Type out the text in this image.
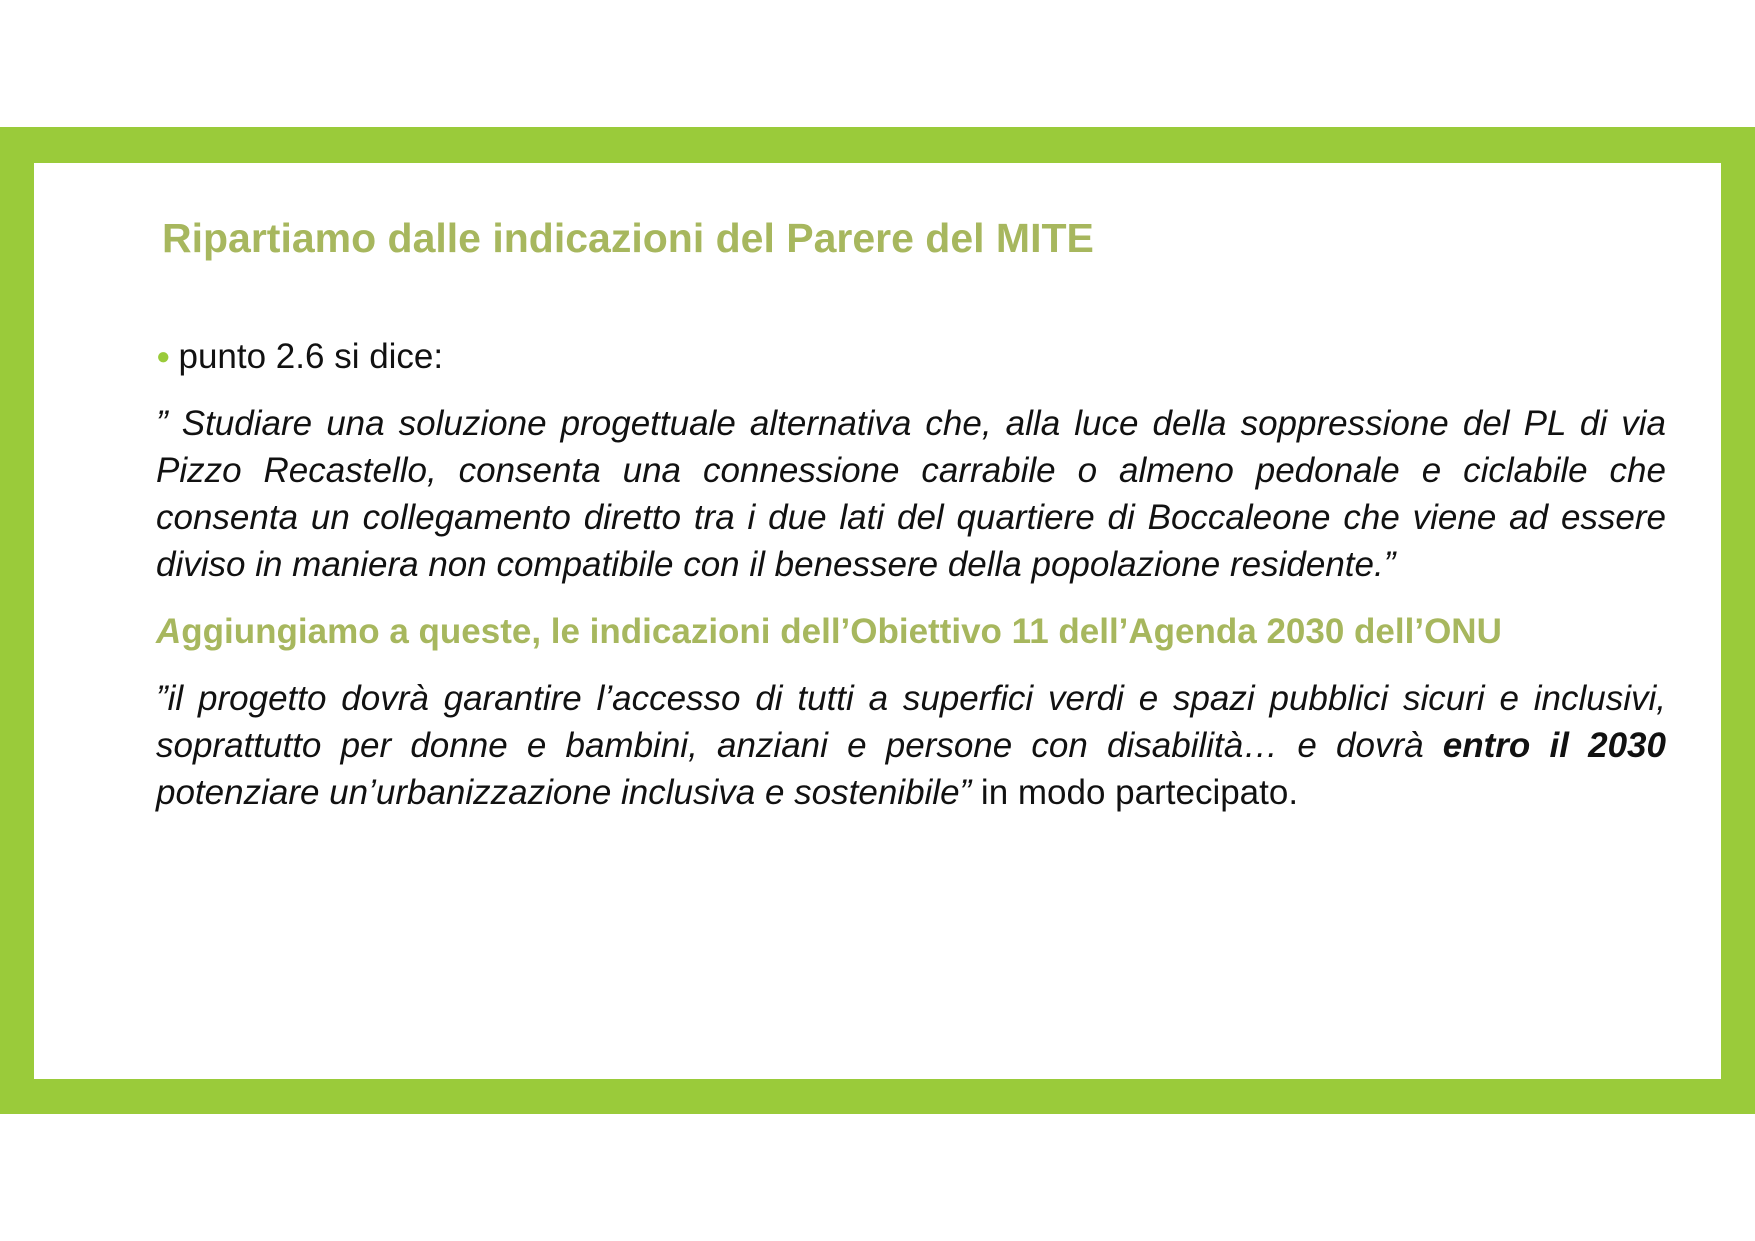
Ripartiamo dalle indicazioni del Parere del MITE

● punto 2.6 si dice:

” Studiare una soluzione progettuale alternativa che, alla luce della soppressione del PL di via Pizzo Recastello, consenta una connessione carrabile o almeno pedonale e ciclabile che consenta un collegamento diretto tra i due lati del quartiere di Boccaleone che viene ad essere diviso in maniera non compatibile con il benessere della popolazione residente.”

Aggiungiamo a queste, le indicazioni dell’Obiettivo 11 dell’Agenda 2030 dell’ONU

”il progetto dovrà garantire l’accesso di tutti a superfici verdi e spazi pubblici sicuri e inclusivi, soprattutto per donne e bambini, anziani e persone con disabilità… e dovrà entro il 2030 potenziare un’urbanizzazione inclusiva e sostenibile” in modo partecipato.
